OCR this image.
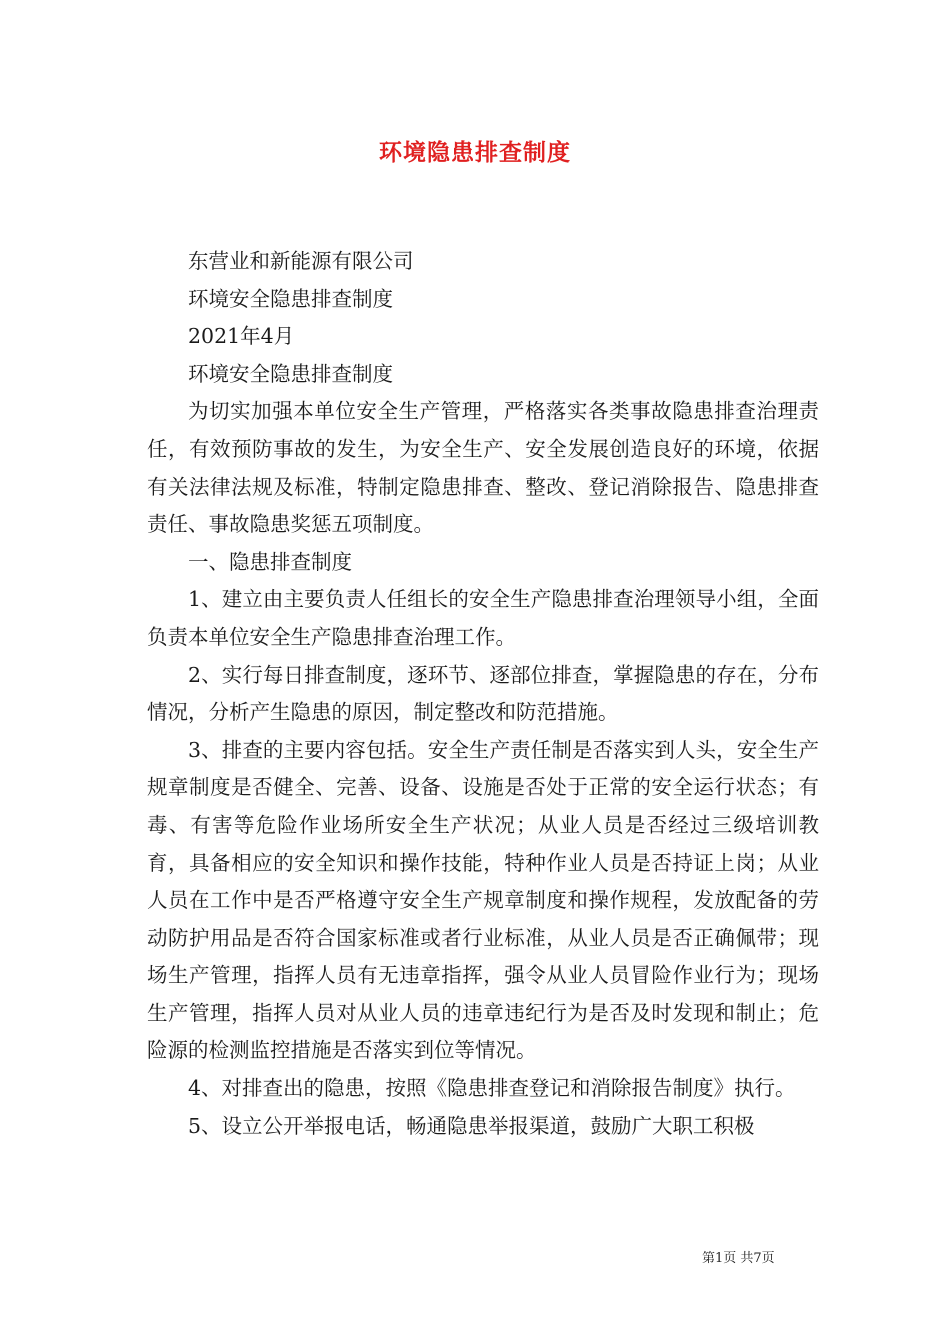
环境隐患排查制度

东营业和新能源有限公司

环境安全隐患排查制度

2021年4月

环境安全隐患排查制度

为切实加强本单位安全生产管理，严格落实各类事故隐患排查治理责任，有效预防事故的发生，为安全生产、安全发展创造良好的环境，依据有关法律法规及标准，特制定隐患排查、整改、登记消除报告、隐患排查责任、事故隐患奖惩五项制度。

一、隐患排查制度

1、建立由主要负责人任组长的安全生产隐患排查治理领导小组，全面负责本单位安全生产隐患排查治理工作。

2、实行每日排查制度，逐环节、逐部位排查，掌握隐患的存在，分布情况，分析产生隐患的原因，制定整改和防范措施。

3、排查的主要内容包括。安全生产责任制是否落实到人头，安全生产规章制度是否健全、完善、设备、设施是否处于正常的安全运行状态；有毒、有害等危险作业场所安全生产状况；从业人员是否经过三级培训教育，具备相应的安全知识和操作技能，特种作业人员是否持证上岗；从业人员在工作中是否严格遵守安全生产规章制度和操作规程，发放配备的劳动防护用品是否符合国家标准或者行业标准，从业人员是否正确佩带；现场生产管理，指挥人员有无违章指挥，强令从业人员冒险作业行为；现场生产管理，指挥人员对从业人员的违章违纪行为是否及时发现和制止；危险源的检测监控措施是否落实到位等情况。

4、对排查出的隐患，按照《隐患排查登记和消除报告制度》执行。

5、设立公开举报电话，畅通隐患举报渠道，鼓励广大职工积极

第1页 共7页
